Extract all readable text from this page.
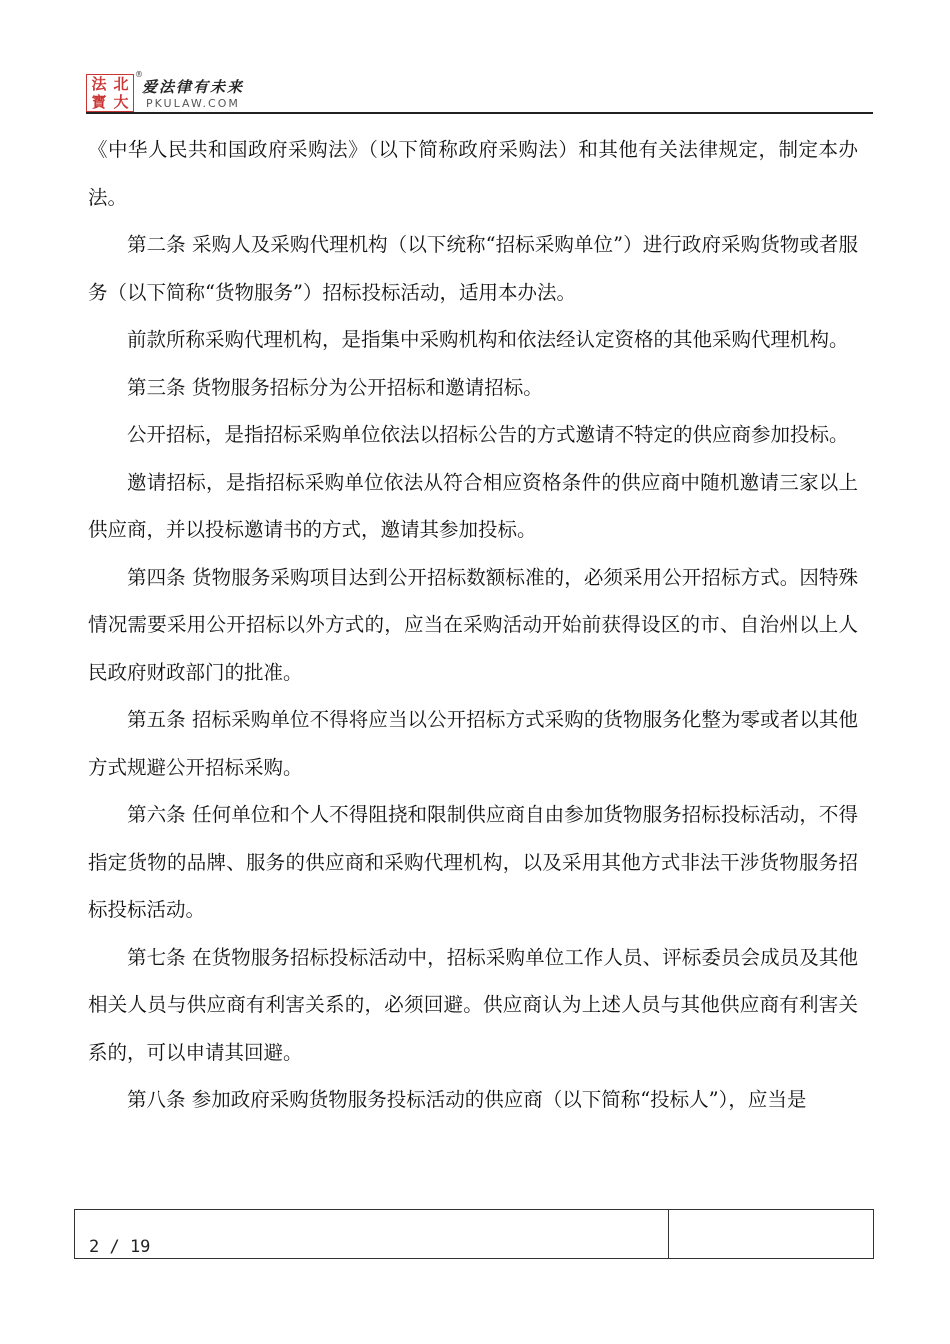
法 北
寳 大
®
爱法律有未来
PKULAW.COM

《中华人民共和国政府采购法》（以下简称政府采购法）和其他有关法律规定，制定本办法。

第二条 采购人及采购代理机构（以下统称“招标采购单位”）进行政府采购货物或者服务（以下简称“货物服务”）招标投标活动，适用本办法。

前款所称采购代理机构，是指集中采购机构和依法经认定资格的其他采购代理机构。

第三条 货物服务招标分为公开招标和邀请招标。

公开招标，是指招标采购单位依法以招标公告的方式邀请不特定的供应商参加投标。

邀请招标，是指招标采购单位依法从符合相应资格条件的供应商中随机邀请三家以上供应商，并以投标邀请书的方式，邀请其参加投标。

第四条 货物服务采购项目达到公开招标数额标准的，必须采用公开招标方式。因特殊情况需要采用公开招标以外方式的，应当在采购活动开始前获得设区的市、自治州以上人民政府财政部门的批准。

第五条 招标采购单位不得将应当以公开招标方式采购的货物服务化整为零或者以其他方式规避公开招标采购。

第六条 任何单位和个人不得阻挠和限制供应商自由参加货物服务招标投标活动，不得指定货物的品牌、服务的供应商和采购代理机构，以及采用其他方式非法干涉货物服务招标投标活动。

第七条 在货物服务招标投标活动中，招标采购单位工作人员、评标委员会成员及其他相关人员与供应商有利害关系的，必须回避。供应商认为上述人员与其他供应商有利害关系的，可以申请其回避。

第八条 参加政府采购货物服务投标活动的供应商（以下简称“投标人”），应当是

2 / 19
